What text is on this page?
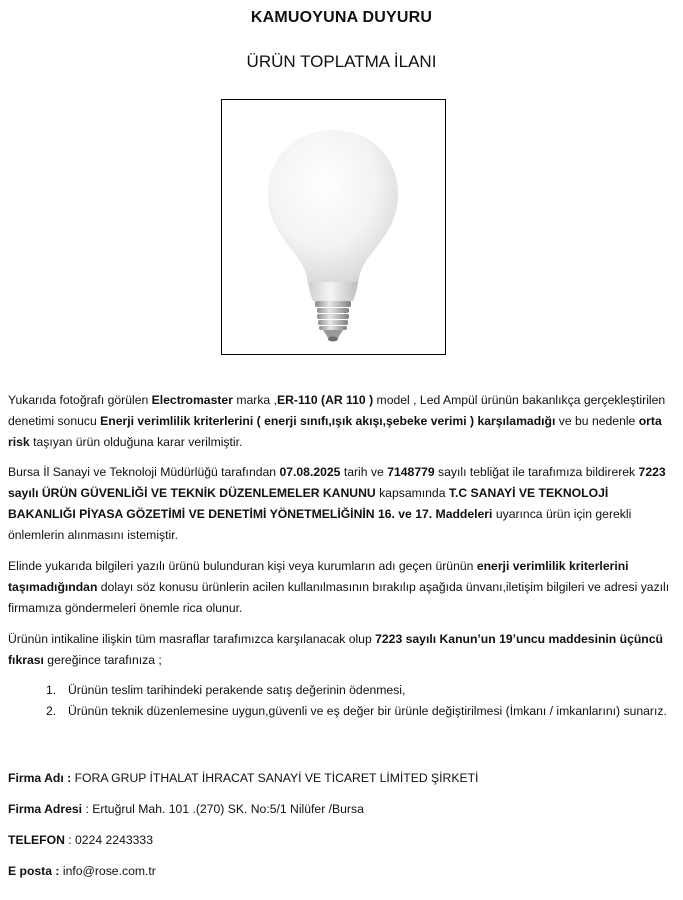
KAMUOYUNA DUYURU
ÜRÜN TOPLATMA İLANI
Yukarıda fotoğrafı görülen Electromaster marka ,ER-110 (AR 110 ) model , Led Ampül ürünün bakanlıkça gerçekleştirilen denetimi sonucu Enerji verimlilik kriterlerini ( enerji sınıfı,ışık akışı,şebeke verimi ) karşılamadığı ve bu nedenle orta risk taşıyan ürün olduğuna karar verilmiştir.
Bursa İl Sanayi ve Teknoloji Müdürlüğü tarafından 07.08.2025 tarih ve 7148779 sayılı tebliğat ile tarafımıza bildirerek 7223 sayılı ÜRÜN GÜVENLİĞİ VE TEKNİK DÜZENLEMELER KANUNU kapsamında T.C SANAYİ VE TEKNOLOJİ BAKANLIĞI PİYASA GÖZETİMİ VE DENETİMİ YÖNETMELİĞİNİN 16. ve 17. Maddeleri uyarınca ürün için gerekli önlemlerin alınmasını istemiştir.
Elinde yukarıda bilgileri yazılı ürünü bulunduran kişi veya kurumların adı geçen ürünün enerji verimlilik kriterlerini taşımadığından dolayı söz konusu ürünlerin acilen kullanılmasının bırakılıp aşağıda ünvanı,iletişim bilgileri ve adresi yazılı firmamıza göndermeleri önemle rica olunur.
Ürünün intikaline ilişkin tüm masraflar tarafımızca karşılanacak olup 7223 sayılı Kanun’un 19’uncu maddesinin üçüncü fıkrası gereğince tarafınıza ;
1. Ürünün teslim tarihindeki perakende satış değerinin ödenmesi,
2. Ürünün teknik düzenlemesine uygun,güvenli ve eş değer bir ürünle değiştirilmesi (İmkanı / imkanlarını) sunarız.
Firma Adı : FORA GRUP İTHALAT İHRACAT SANAYİ VE TİCARET LİMİTED ŞİRKETİ
Firma Adresi : Ertuğrul Mah. 101 .(270) SK. No:5/1 Nilüfer /Bursa
TELEFON : 0224 2243333
E posta : info@rose.com.tr
